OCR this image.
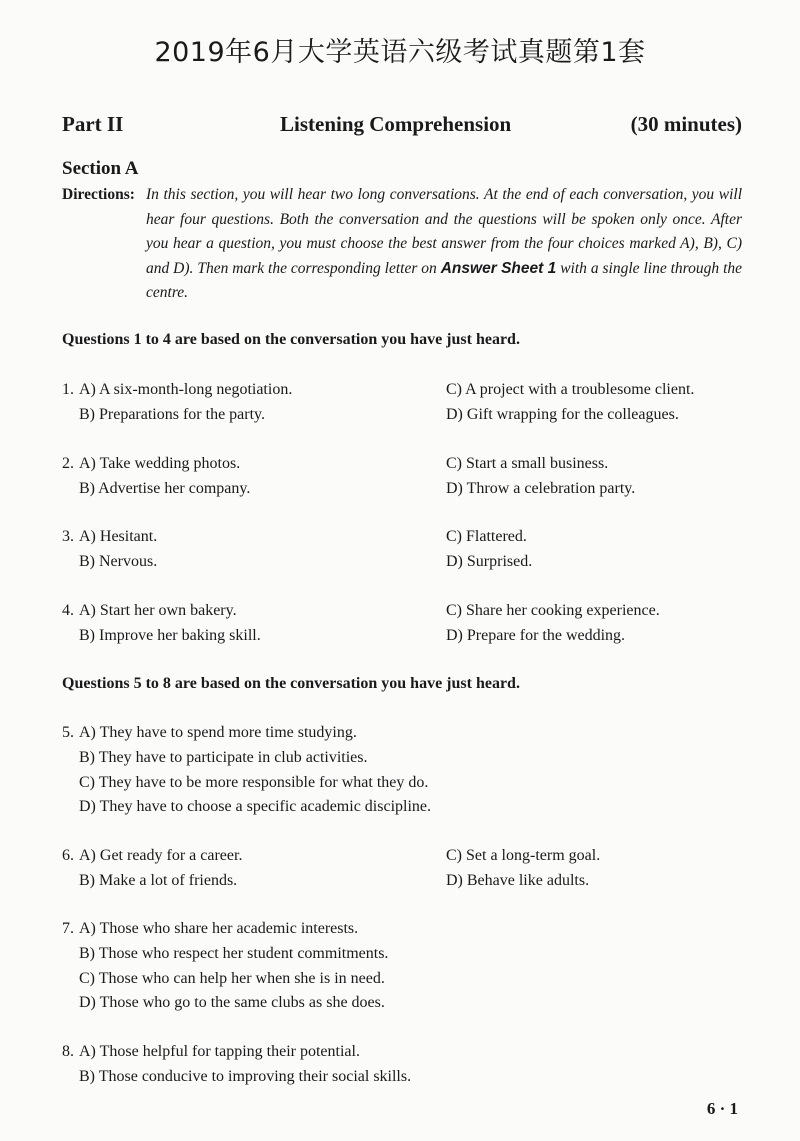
2019年6月大学英语六级考试真题第1套
Part II	Listening Comprehension	(30 minutes)
Section A
Directions: In this section, you will hear two long conversations. At the end of each conversation, you will hear four questions. Both the conversation and the questions will be spoken only once. After you hear a question, you must choose the best answer from the four choices marked A), B), C) and D). Then mark the corresponding letter on Answer Sheet 1 with a single line through the centre.
Questions 1 to 4 are based on the conversation you have just heard.
1. A) A six-month-long negotiation.
B) Preparations for the party.
C) A project with a troublesome client.
D) Gift wrapping for the colleagues.
2. A) Take wedding photos.
B) Advertise her company.
C) Start a small business.
D) Throw a celebration party.
3. A) Hesitant.
B) Nervous.
C) Flattered.
D) Surprised.
4. A) Start her own bakery.
B) Improve her baking skill.
C) Share her cooking experience.
D) Prepare for the wedding.
Questions 5 to 8 are based on the conversation you have just heard.
5. A) They have to spend more time studying.
B) They have to participate in club activities.
C) They have to be more responsible for what they do.
D) They have to choose a specific academic discipline.
6. A) Get ready for a career.
B) Make a lot of friends.
C) Set a long-term goal.
D) Behave like adults.
7. A) Those who share her academic interests.
B) Those who respect her student commitments.
C) Those who can help her when she is in need.
D) Those who go to the same clubs as she does.
8. A) Those helpful for tapping their potential.
B) Those conducive to improving their social skills.
6 · 1
